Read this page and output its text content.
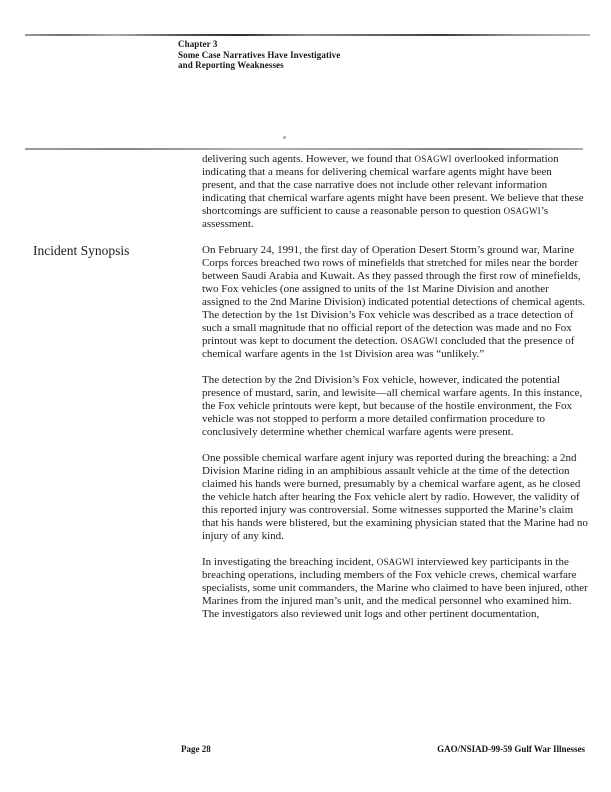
Chapter 3
Some Case Narratives Have Investigative
and Reporting Weaknesses
Incident Synopsis

delivering such agents. However, we found that OSAGWI overlooked information indicating that a means for delivering chemical warfare agents might have been present, and that the case narrative does not include other relevant information indicating that chemical warfare agents might have been present. We believe that these shortcomings are sufficient to cause a reasonable person to question OSAGWI’s assessment.

On February 24, 1991, the first day of Operation Desert Storm’s ground war, Marine Corps forces breached two rows of minefields that stretched for miles near the border between Saudi Arabia and Kuwait. As they passed through the first row of minefields, two Fox vehicles (one assigned to units of the 1st Marine Division and another assigned to the 2nd Marine Division) indicated potential detections of chemical agents. The detection by the 1st Division’s Fox vehicle was described as a trace detection of such a small magnitude that no official report of the detection was made and no Fox printout was kept to document the detection. OSAGWI concluded that the presence of chemical warfare agents in the 1st Division area was “unlikely.”

The detection by the 2nd Division’s Fox vehicle, however, indicated the potential presence of mustard, sarin, and lewisite—all chemical warfare agents. In this instance, the Fox vehicle printouts were kept, but because of the hostile environment, the Fox vehicle was not stopped to perform a more detailed confirmation procedure to conclusively determine whether chemical warfare agents were present.

One possible chemical warfare agent injury was reported during the breaching: a 2nd Division Marine riding in an amphibious assault vehicle at the time of the detection claimed his hands were burned, presumably by a chemical warfare agent, as he closed the vehicle hatch after hearing the Fox vehicle alert by radio. However, the validity of this reported injury was controversial. Some witnesses supported the Marine’s claim that his hands were blistered, but the examining physician stated that the Marine had no injury of any kind.

In investigating the breaching incident, OSAGWI interviewed key participants in the breaching operations, including members of the Fox vehicle crews, chemical warfare specialists, some unit commanders, the Marine who claimed to have been injured, other Marines from the injured man’s unit, and the medical personnel who examined him. The investigators also reviewed unit logs and other pertinent documentation,

Page 28	GAO/NSIAD-99-59 Gulf War Illnesses
